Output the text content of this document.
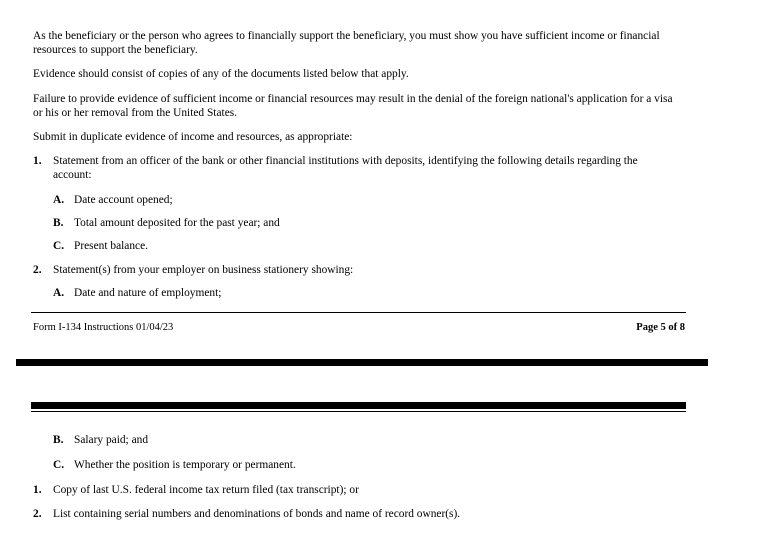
As the beneficiary or the person who agrees to financially support the beneficiary, you must show you have sufficient income or financial resources to support the beneficiary.
Evidence should consist of copies of any of the documents listed below that apply.
Failure to provide evidence of sufficient income or financial resources may result in the denial of the foreign national's application for a visa or his or her removal from the United States.
Submit in duplicate evidence of income and resources, as appropriate:
1. Statement from an officer of the bank or other financial institutions with deposits, identifying the following details regarding the account:
A. Date account opened;
B. Total amount deposited for the past year; and
C. Present balance.
2. Statement(s) from your employer on business stationery showing:
A. Date and nature of employment;
Form I-134 Instructions 01/04/23	Page 5 of 8
B. Salary paid; and
C. Whether the position is temporary or permanent.
1. Copy of last U.S. federal income tax return filed (tax transcript); or
2. List containing serial numbers and denominations of bonds and name of record owner(s).
